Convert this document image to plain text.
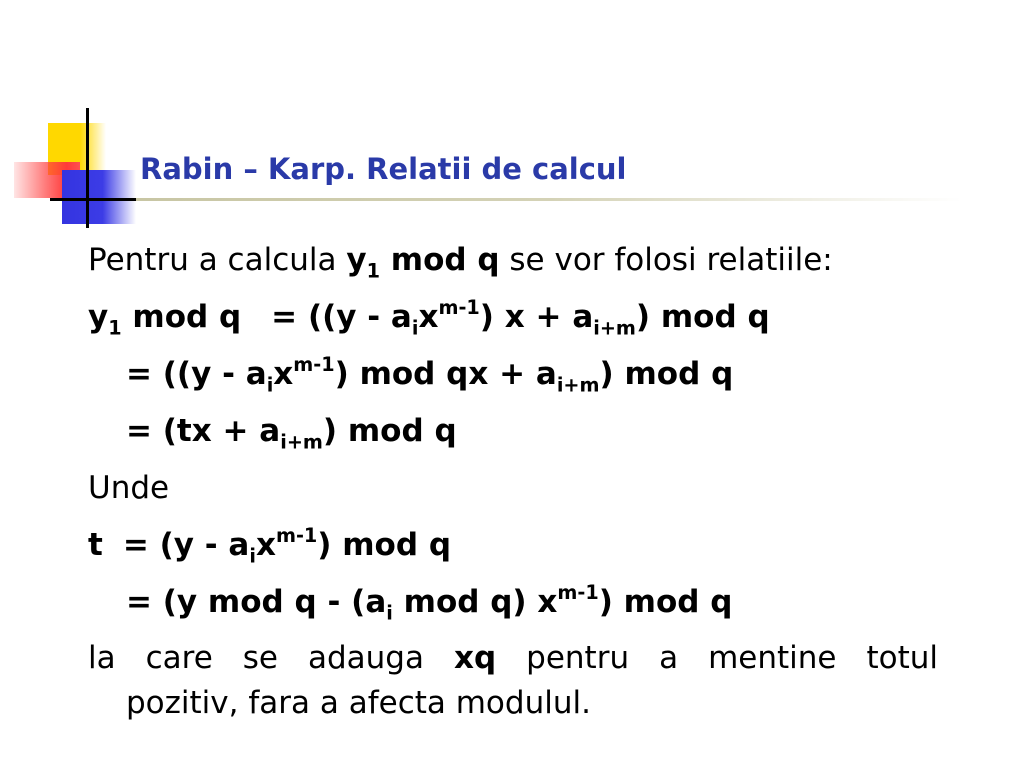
Rabin – Karp. Relatii de calcul
Pentru a calcula $y_1$ mod q se vor folosi relatiile:
$y_1$ mod $q = ((y - a_ix^{m-1})$ $x + a_{i+m}$) mod q
= ($(y - a_ix^{m-1})$ mod qx + $a_{i+m}$) mod q
= $(tx + a_{i+m})$ mod q
Unde
$t = (y - a_ix^{m-1})$ mod q
= (y mod q - ($a_i$ mod q) $x^{m-1}$) mod q
la care se adauga xq pentru a mentine totul
pozitiv, fara a afecta modulul.
